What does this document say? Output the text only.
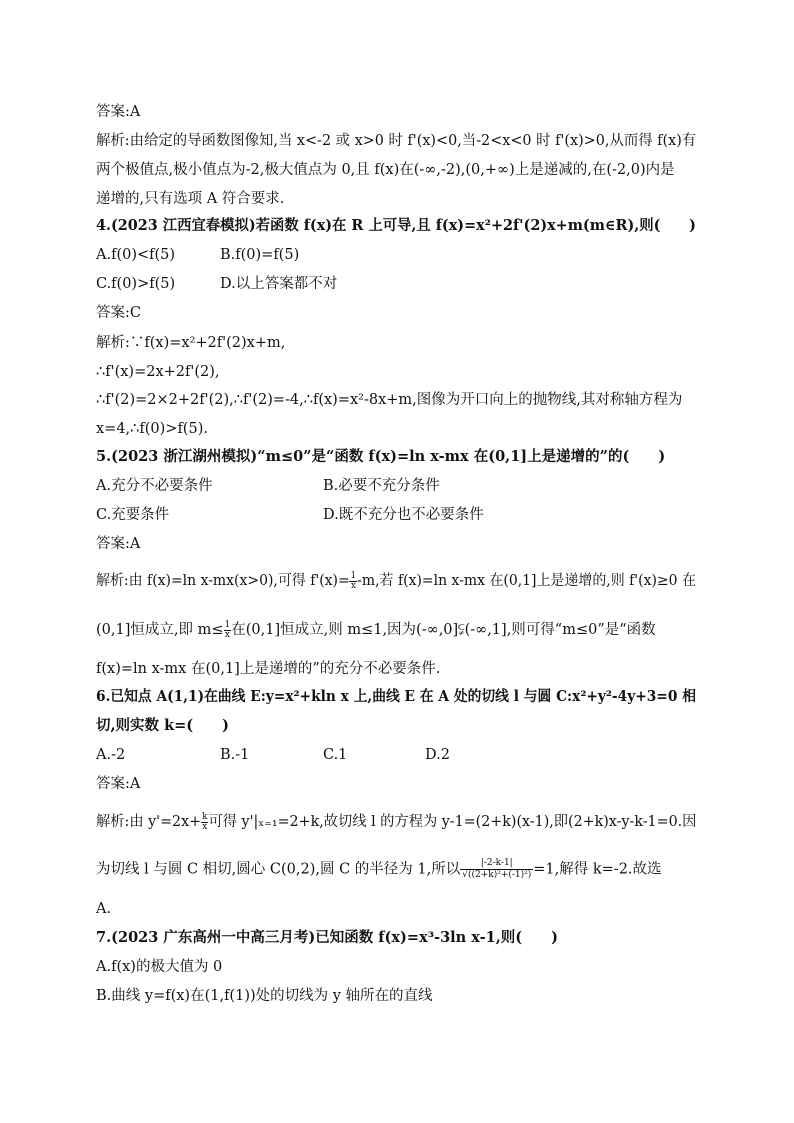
答案:A
解析:由给定的导函数图像知,当 x<-2 或 x>0 时 f'(x)<0,当-2<x<0 时 f'(x)>0,从而得 f(x)有
两个极值点,极小值点为-2,极大值点为 0,且 f(x)在(-∞,-2),(0,+∞)上是递减的,在(-2,0)内是
递增的,只有选项 A 符合要求.
4.(2023 江西宜春模拟)若函数 f(x)在 R 上可导,且 f(x)=x²+2f'(2)x+m(m∈R),则(　　)
A.f(0)<f(5)	B.f(0)=f(5)
C.f(0)>f(5)	D.以上答案都不对
答案:C
解析:∵f(x)=x²+2f'(2)x+m,
∴f'(x)=2x+2f'(2),
∴f'(2)=2×2+2f'(2),∴f'(2)=-4,∴f(x)=x²-8x+m,图像为开口向上的抛物线,其对称轴方程为
x=4,∴f(0)>f(5).
5.(2023 浙江湖州模拟)“m≤0”是“函数 f(x)=ln x-mx 在(0,1]上是递增的”的(　　)
A.充分不必要条件	B.必要不充分条件
C.充要条件	D.既不充分也不必要条件
答案:A
解析:由 f(x)=ln x-mx(x>0),可得 $f'(x)= \frac{1}{x} -m$,若 f(x)=ln x-mx 在(0,1]上是递增的,则 f'(x)≥0 在
(0,1]恒成立,即 $m\le \frac{1}{x}$ 在(0,1]恒成立,则 m≤1,因为(-∞,0]⫋(-∞,1],则可得“m≤0”是“函数
f(x)=ln x-mx 在(0,1]上是递增的”的充分不必要条件.
6.已知点 A(1,1)在曲线 E:y=x²+kln x 上,曲线 E 在 A 处的切线 l 与圆 C:x²+y²-4y+3=0 相
切,则实数 k=(　　)
A.-2	B.-1	C.1	D.2
答案:A
解析:由 $y'=2x+ \frac{k}{x}$ 可得 y'|ₓ₌₁=2+k,故切线 l 的方程为 y-1=(2+k)(x-1),即(2+k)x-y-k-1=0.因
为切线 l 与圆 C 相切,圆心 C(0,2),圆 C 的半径为 1,所以 $\frac{|-2-k-1|}{\text{√((2+k)²+(-1)²)}} =1$,解得 k=-2.故选
A.
7.(2023 广东高州一中高三月考)已知函数 f(x)=x³-3ln x-1,则(　　)
A.f(x)的极大值为 0
B.曲线 y=f(x)在(1,f(1))处的切线为 y 轴所在的直线
